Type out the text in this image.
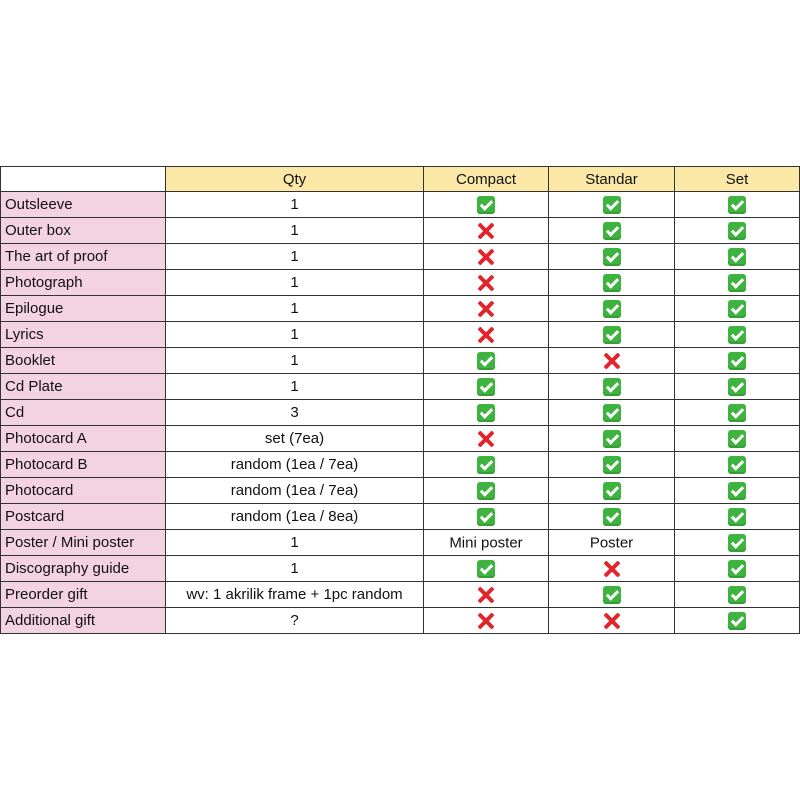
	Qty	Compact	Standar	Set
Outsleeve	1			
Outer box	1			
The art of proof	1			
Photograph	1			
Epilogue	1			
Lyrics	1			
Booklet	1			
Cd Plate	1			
Cd	3			
Photocard A	set (7ea)			
Photocard B	random (1ea / 7ea)			
Photocard	random (1ea / 7ea)			
Postcard	random (1ea / 8ea)			
Poster / Mini poster	1	Mini poster	Poster	
Discography guide	1			
Preorder gift	wv: 1 akrilik frame + 1pc random			
Additional gift	?			
